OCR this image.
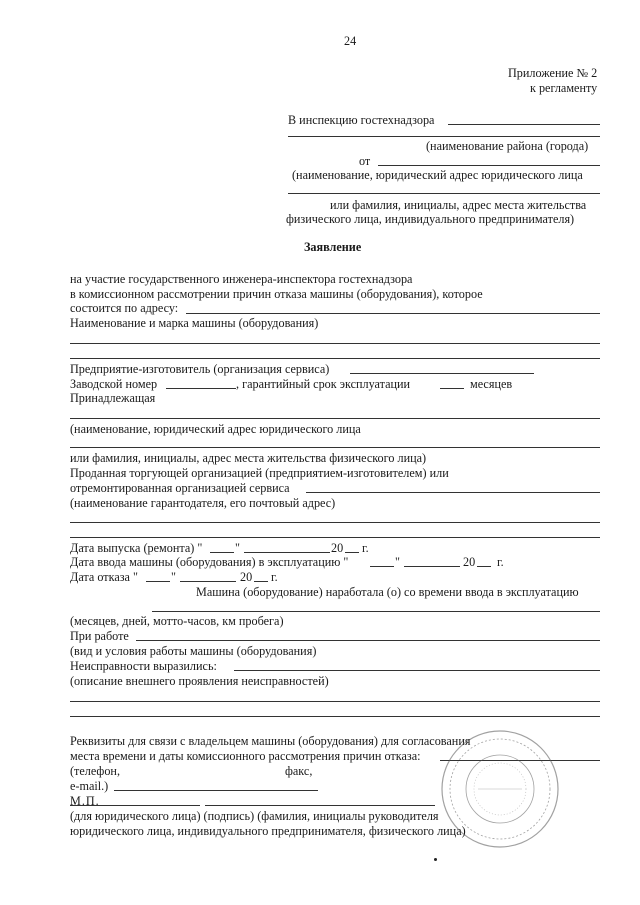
24
Приложение № 2
к регламенту
В инспекцию гостехнадзора
(наименование района (города)
от
(наименование, юридический адрес юридического лица
или фамилия, инициалы, адрес места жительства
физического лица, индивидуального предпринимателя)
Заявление
на участие государственного инженера-инспектора гостехнадзора
в комиссионном рассмотрении причин отказа машины (оборудования), которое
состоится по адресу:
Наименование и марка машины (оборудования)
Предприятие-изготовитель (организация сервиса)
Заводской номер	, гарантийный срок эксплуатации	месяцев
Принадлежащая
(наименование, юридический адрес юридического лица
или фамилия, инициалы, адрес места жительства физического лица)
Проданная торгующей организацией (предприятием-изготовителем) или
отремонтированная организацией сервиса
(наименование гарантодателя, его почтовый адрес)
Дата выпуска (ремонта) "	"	20 г.
Дата ввода машины (оборудования) в эксплуатацию "	"	20 г.
Дата отказа "	"	20 г.
Машина (оборудование) наработала (о) со времени ввода в эксплуатацию
(месяцев, дней, мотто-часов, км пробега)
При работе
(вид и условия работы машины (оборудования)
Неисправности выразились:
(описание внешнего проявления неисправностей)
Реквизиты для связи с владельцем машины (оборудования) для согласования
места времени и даты комиссионного рассмотрения причин отказа:
(телефон,	факс,
e-mail.)
М.П.
(для юридического лица) (подпись) (фамилия, инициалы руководителя
юридического лица, индивидуального предпринимателя, физического лица)
